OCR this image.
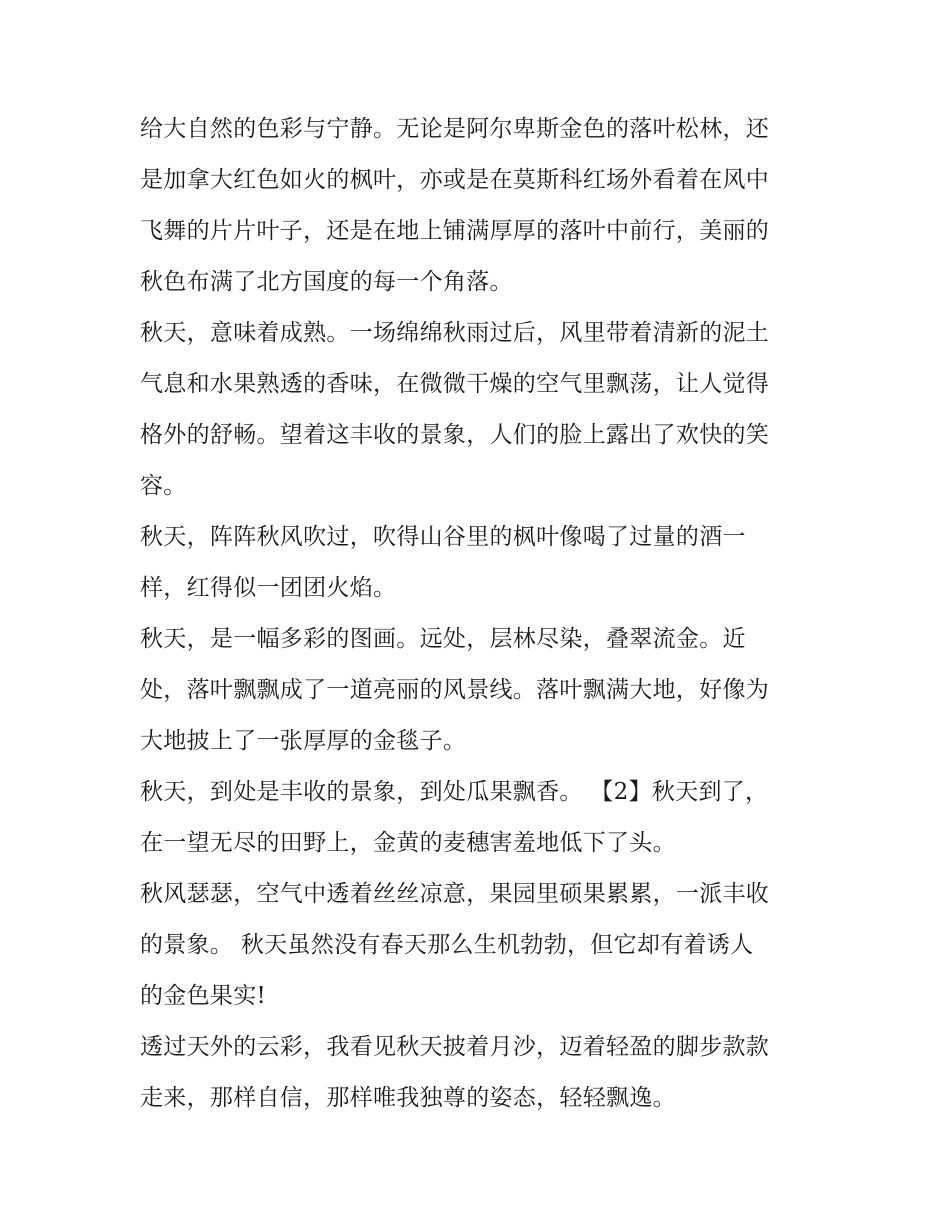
给大自然的色彩与宁静。无论是阿尔卑斯金色的落叶松林，还
是加拿大红色如火的枫叶，亦或是在莫斯科红场外看着在风中
飞舞的片片叶子，还是在地上铺满厚厚的落叶中前行，美丽的
秋色布满了北方国度的每一个角落。
秋天，意味着成熟。一场绵绵秋雨过后，风里带着清新的泥土
气息和水果熟透的香味，在微微干燥的空气里飘荡，让人觉得
格外的舒畅。望着这丰收的景象，人们的脸上露出了欢快的笑
容。
秋天，阵阵秋风吹过，吹得山谷里的枫叶像喝了过量的酒一
样，红得似一团团火焰。
秋天，是一幅多彩的图画。远处，层林尽染，叠翠流金。近
处，落叶飘飘成了一道亮丽的风景线。落叶飘满大地，好像为
大地披上了一张厚厚的金毯子。
秋天，到处是丰收的景象，到处瓜果飘香。 【2】秋天到了，
在一望无尽的田野上，金黄的麦穗害羞地低下了头。
秋风瑟瑟，空气中透着丝丝凉意，果园里硕果累累，一派丰收
的景象。 秋天虽然没有春天那么生机勃勃，但它却有着诱人
的金色果实!
透过天外的云彩，我看见秋天披着月沙，迈着轻盈的脚步款款
走来，那样自信，那样唯我独尊的姿态，轻轻飘逸。
